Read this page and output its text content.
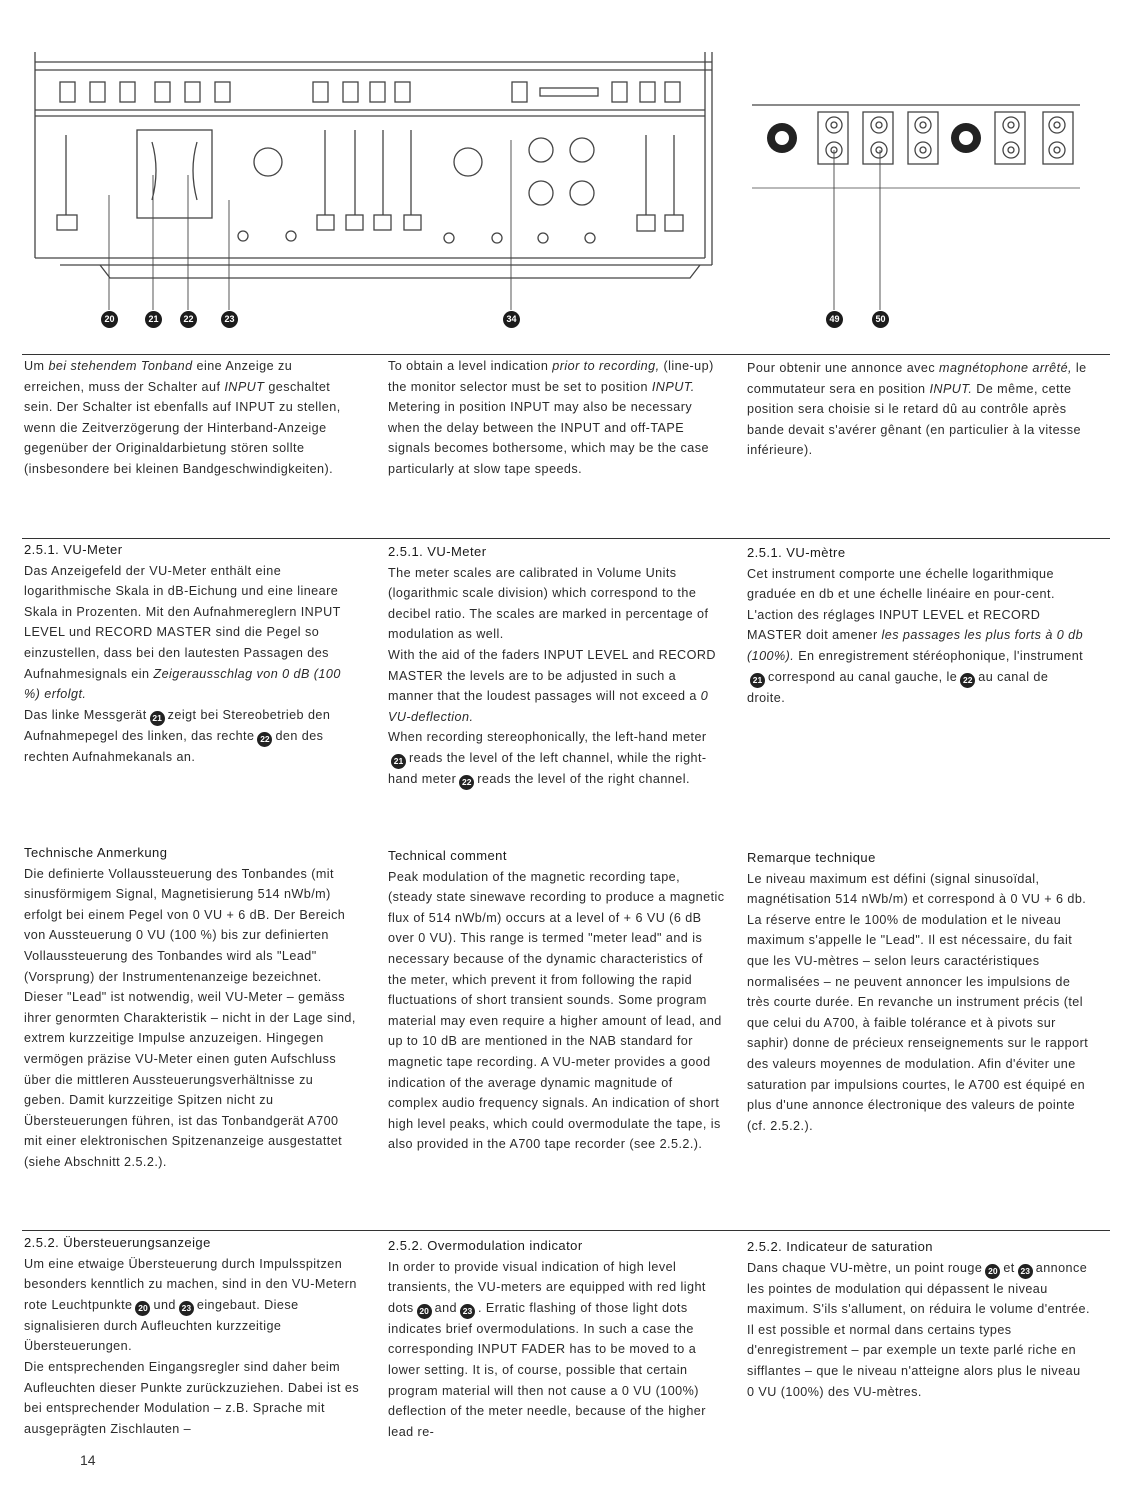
20	21	22	23	34	49	50

Um bei stehendem Tonband eine Anzeige zu erreichen, muss der Schalter auf INPUT geschaltet sein. Der Schalter ist ebenfalls auf INPUT zu stellen, wenn die Zeitverzögerung der Hinterband-Anzeige gegenüber der Originaldarbietung stören sollte (insbesondere bei kleinen Bandgeschwindigkeiten).

To obtain a level indication prior to recording, (line-up) the monitor selector must be set to position INPUT. Metering in position INPUT may also be necessary when the delay between the INPUT and off-TAPE signals becomes bothersome, which may be the case particularly at slow tape speeds.

Pour obtenir une annonce avec magnétophone arrêté, le commutateur sera en position INPUT. De même, cette position sera choisie si le retard dû au contrôle après bande devait s'avérer gênant (en particulier à la vitesse inférieure).

2.5.1. VU-Meter

Das Anzeigefeld der VU-Meter enthält eine logarithmische Skala in dB-Eichung und eine lineare Skala in Prozenten. Mit den Aufnahmereglern INPUT LEVEL und RECORD MASTER sind die Pegel so einzustellen, dass bei den lautesten Passagen des Aufnahmesignals ein Zeigerausschlag von 0 dB (100 %) erfolgt.

Das linke Messgerät 21 zeigt bei Stereobetrieb den Aufnahmepegel des linken, das rechte 22 den des rechten Aufnahmekanals an.

2.5.1. VU-Meter

The meter scales are calibrated in Volume Units (logarithmic scale division) which correspond to the decibel ratio. The scales are marked in percentage of modulation as well.

With the aid of the faders INPUT LEVEL and RECORD MASTER the levels are to be adjusted in such a manner that the loudest passages will not exceed a 0 VU-deflection.

When recording stereophonically, the left-hand meter21 reads the level of the left channel, while the right-hand meter 22 reads the level of the right channel.

2.5.1. VU-mètre

Cet instrument comporte une échelle logarithmique graduée en db et une échelle linéaire en pour-cent. L'action des réglages INPUT LEVEL et RECORD MASTER doit amener les passages les plus forts à 0 db (100%). En enregistrement stéréophonique, l'instrument21 correspond au canal gauche, le 22 au canal de droite.

Technische Anmerkung

Die definierte Vollaussteuerung des Tonbandes (mit sinusförmigem Signal, Magnetisierung 514 nWb/m) erfolgt bei einem Pegel von 0 VU + 6 dB. Der Bereich von Aussteuerung 0 VU (100 %) bis zur definierten Vollaussteuerung des Tonbandes wird als "Lead" (Vorsprung) der Instrumentenanzeige bezeichnet. Dieser "Lead" ist notwendig, weil VU-Meter – gemäss ihrer genormten Charakteristik – nicht in der Lage sind, extrem kurzzeitige Impulse anzuzeigen. Hingegen vermögen präzise VU-Meter einen guten Aufschluss über die mittleren Aussteuerungsverhältnisse zu geben. Damit kurzzeitige Spitzen nicht zu Übersteuerungen führen, ist das Tonbandgerät A700 mit einer elektronischen Spitzenanzeige ausgestattet (siehe Abschnitt 2.5.2.).

Technical comment

Peak modulation of the magnetic recording tape, (steady state sinewave recording to produce a magnetic flux of 514 nWb/m) occurs at a level of + 6 VU (6 dB over 0 VU). This range is termed "meter lead" and is necessary because of the dynamic characteristics of the meter, which prevent it from following the rapid fluctuations of short transient sounds. Some program material may even require a higher amount of lead, and up to 10 dB are mentioned in the NAB standard for magnetic tape recording. A VU-meter provides a good indication of the average dynamic magnitude of complex audio frequency signals. An indication of short high level peaks, which could overmodulate the tape, is also provided in the A700 tape recorder (see 2.5.2.).

Remarque technique

Le niveau maximum est défini (signal sinusoïdal, magnétisation 514 nWb/m) et correspond à 0 VU + 6 db. La réserve entre le 100% de modulation et le niveau maximum s'appelle le "Lead". Il est nécessaire, du fait que les VU-mètres – selon leurs caractéristiques normalisées – ne peuvent annoncer les impulsions de très courte durée. En revanche un instrument précis (tel que celui du A700, à faible tolérance et à pivots sur saphir) donne de précieux renseignements sur le rapport des valeurs moyennes de modulation. Afin d'éviter une saturation par impulsions courtes, le A700 est équipé en plus d'une annonce électronique des valeurs de pointe (cf. 2.5.2.).

2.5.2. Übersteuerungsanzeige

Um eine etwaige Übersteuerung durch Impulsspitzen besonders kenntlich zu machen, sind in den VU-Metern rote Leuchtpunkte 20 und 23 eingebaut. Diese signalisieren durch Aufleuchten kurzzeitige Übersteuerungen.

Die entsprechenden Eingangsregler sind daher beim Aufleuchten dieser Punkte zurückzuziehen. Dabei ist es bei entsprechender Modulation – z.B. Sprache mit ausgeprägten Zischlauten –

2.5.2. Overmodulation indicator

In order to provide visual indication of high level transients, the VU-meters are equipped with red light dots 20 and 23 . Erratic flashing of those light dots indicates brief overmodulations. In such a case the corresponding INPUT FADER has to be moved to a lower setting. It is, of course, possible that certain program material will then not cause a 0 VU (100%) deflection of the meter needle, because of the higher lead re-

2.5.2. Indicateur de saturation

Dans chaque VU-mètre, un point rouge 20 et 23 annonce les pointes de modulation qui dépassent le niveau maximum. S'ils s'allument, on réduira le volume d'entrée. Il est possible et normal dans certains types d'enregistrement – par exemple un texte parlé riche en sifflantes – que le niveau n'atteigne alors plus le niveau 0 VU (100%) des VU-mètres.

14
